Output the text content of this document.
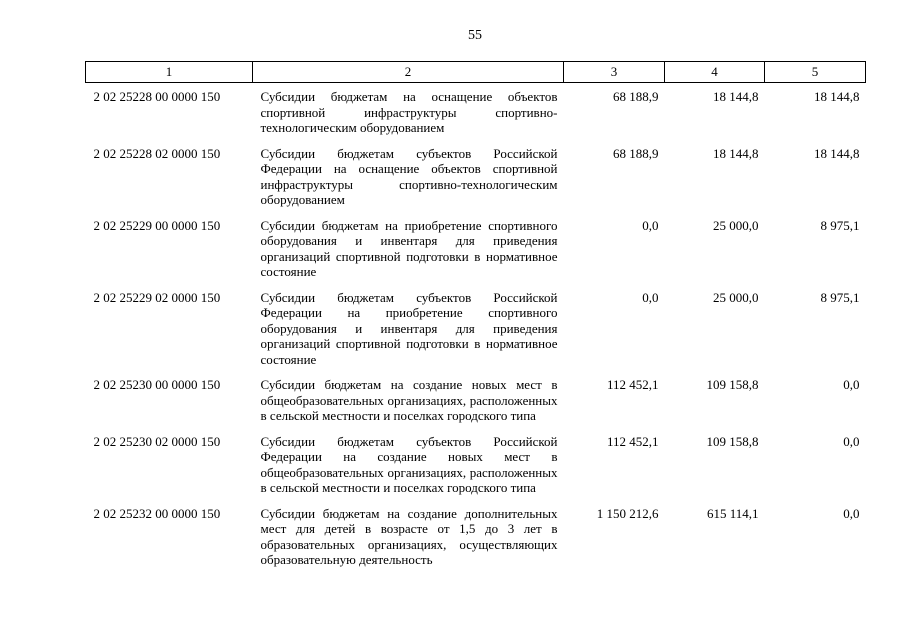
55
1	2	3	4	5
2 02 25228 00 0000 150	Субсидии бюджетам на оснащение объектов спортивной инфраструктуры спортивно-технологическим оборудованием	68 188,9	18 144,8	18 144,8
2 02 25228 02 0000 150	Субсидии бюджетам субъектов Российской Федерации на оснащение объектов спортивной инфраструктуры спортивно-технологическим оборудованием	68 188,9	18 144,8	18 144,8
2 02 25229 00 0000 150	Субсидии бюджетам на приобретение спортивного оборудования и инвентаря для приведения организаций спортивной подготовки в нормативное состояние	0,0	25 000,0	8 975,1
2 02 25229 02 0000 150	Субсидии бюджетам субъектов Российской Федерации на приобретение спортивного оборудования и инвентаря для приведения организаций спортивной подготовки в нормативное состояние	0,0	25 000,0	8 975,1
2 02 25230 00 0000 150	Субсидии бюджетам на создание новых мест в общеобразовательных организациях, расположенных в сельской местности и поселках городского типа	112 452,1	109 158,8	0,0
2 02 25230 02 0000 150	Субсидии бюджетам субъектов Российской Федерации на создание новых мест в общеобразовательных организациях, расположенных в сельской местности и поселках городского типа	112 452,1	109 158,8	0,0
2 02 25232 00 0000 150	Субсидии бюджетам на создание дополнительных мест для детей в возрасте от 1,5 до 3 лет в образовательных организациях, осуществляющих образовательную деятельность	1 150 212,6	615 114,1	0,0
